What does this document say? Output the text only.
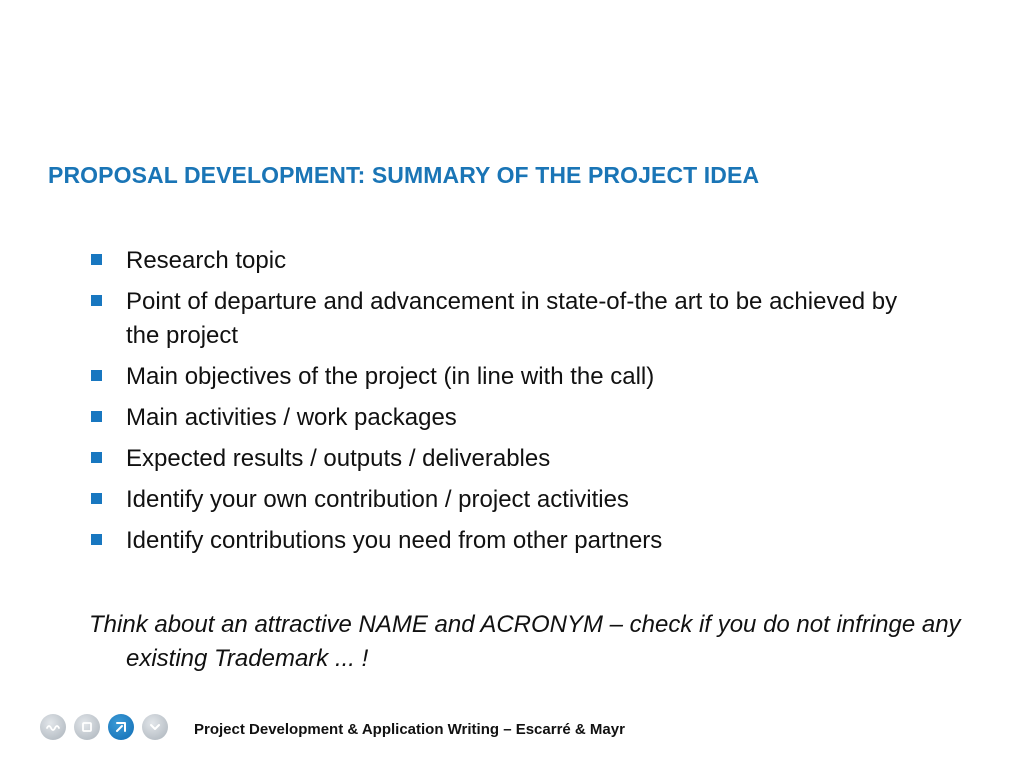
PROPOSAL DEVELOPMENT: SUMMARY OF THE PROJECT IDEA
Research topic
Point of departure and advancement in state-of-the art to be achieved by the project
Main objectives of the project (in line with the call)
Main activities / work packages
Expected results / outputs / deliverables
Identify your own contribution / project activities
Identify contributions you need from other partners

Think about an attractive NAME and ACRONYM – check if you do not infringe any existing Trademark ... !

Project Development & Application Writing – Escarré & Mayr
